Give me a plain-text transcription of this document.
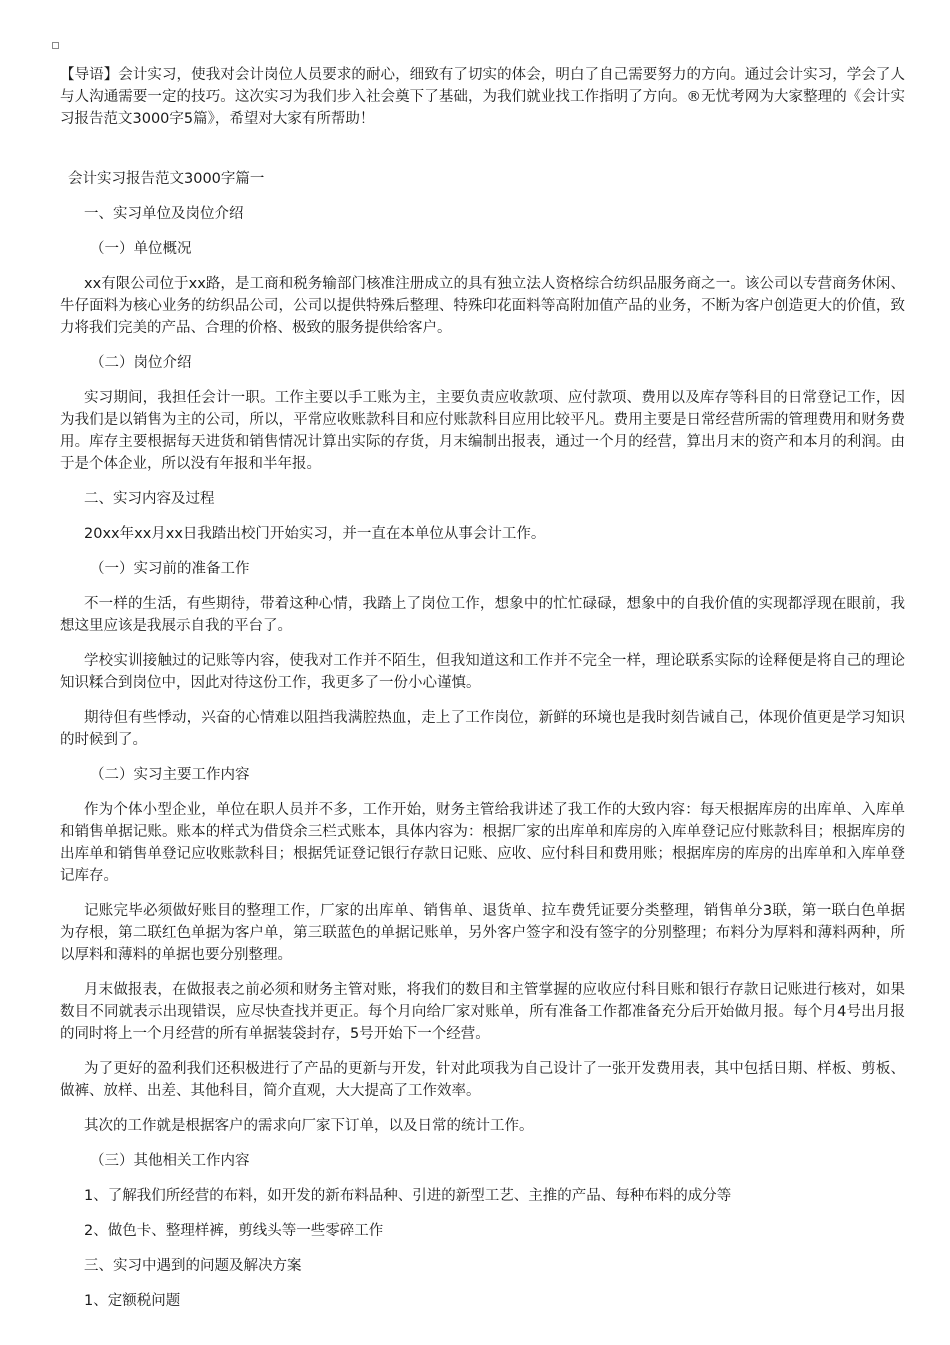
【导语】会计实习，使我对会计岗位人员要求的耐心，细致有了切实的体会，明白了自己需要努力的方向。通过会计实习，学会了人与人沟通需要一定的技巧。这次实习为我们步入社会奠下了基础，为我们就业找工作指明了方向。®无忧考网为大家整理的《会计实习报告范文3000字5篇》，希望对大家有所帮助！

会计实习报告范文3000字篇一

一、实习单位及岗位介绍

（一）单位概况

xx有限公司位于xx路，是工商和税务输部门核准注册成立的具有独立法人资格综合纺织品服务商之一。该公司以专营商务休闲、牛仔面料为核心业务的纺织品公司，公司以提供特殊后整理、特殊印花面料等高附加值产品的业务，不断为客户创造更大的价值，致力将我们完美的产品、合理的价格、极致的服务提供给客户。

（二）岗位介绍

实习期间，我担任会计一职。工作主要以手工账为主，主要负责应收款项、应付款项、费用以及库存等科目的日常登记工作，因为我们是以销售为主的公司，所以，平常应收账款科目和应付账款科目应用比较平凡。费用主要是日常经营所需的管理费用和财务费用。库存主要根据每天进货和销售情况计算出实际的存货，月末编制出报表，通过一个月的经营，算出月末的资产和本月的利润。由于是个体企业，所以没有年报和半年报。

二、实习内容及过程

20xx年xx月xx日我踏出校门开始实习，并一直在本单位从事会计工作。

（一）实习前的准备工作

不一样的生活，有些期待，带着这种心情，我踏上了岗位工作，想象中的忙忙碌碌，想象中的自我价值的实现都浮现在眼前，我想这里应该是我展示自我的平台了。

学校实训接触过的记账等内容，使我对工作并不陌生，但我知道这和工作并不完全一样，理论联系实际的诠释便是将自己的理论知识糅合到岗位中，因此对待这份工作，我更多了一份小心谨慎。

期待但有些悸动，兴奋的心情难以阻挡我满腔热血，走上了工作岗位，新鲜的环境也是我时刻告诫自己，体现价值更是学习知识的时候到了。

（二）实习主要工作内容

作为个体小型企业，单位在职人员并不多，工作开始，财务主管给我讲述了我工作的大致内容：每天根据库房的出库单、入库单和销售单据记账。账本的样式为借贷余三栏式账本，具体内容为：根据厂家的出库单和库房的入库单登记应付账款科目；根据库房的出库单和销售单登记应收账款科目；根据凭证登记银行存款日记账、应收、应付科目和费用账；根据库房的库房的出库单和入库单登记库存。

记账完毕必须做好账目的整理工作，厂家的出库单、销售单、退货单、拉车费凭证要分类整理，销售单分3联，第一联白色单据为存根，第二联红色单据为客户单，第三联蓝色的单据记账单，另外客户签字和没有签字的分别整理；布料分为厚料和薄料两种，所以厚料和薄料的单据也要分别整理。

月末做报表，在做报表之前必须和财务主管对账，将我们的数目和主管掌握的应收应付科目账和银行存款日记账进行核对，如果数目不同就表示出现错误，应尽快查找并更正。每个月向给厂家对账单，所有准备工作都准备充分后开始做月报。每个月4号出月报的同时将上一个月经营的所有单据装袋封存，5号开始下一个经营。

为了更好的盈利我们还积极进行了产品的更新与开发，针对此项我为自己设计了一张开发费用表，其中包括日期、样板、剪板、做裤、放样、出差、其他科目，简介直观，大大提高了工作效率。

其次的工作就是根据客户的需求向厂家下订单，以及日常的统计工作。

（三）其他相关工作内容

1、了解我们所经营的布料，如开发的新布料品种、引进的新型工艺、主推的产品、每种布料的成分等

2、做色卡、整理样裤，剪线头等一些零碎工作

三、实习中遇到的问题及解决方案

1、定额税问题
